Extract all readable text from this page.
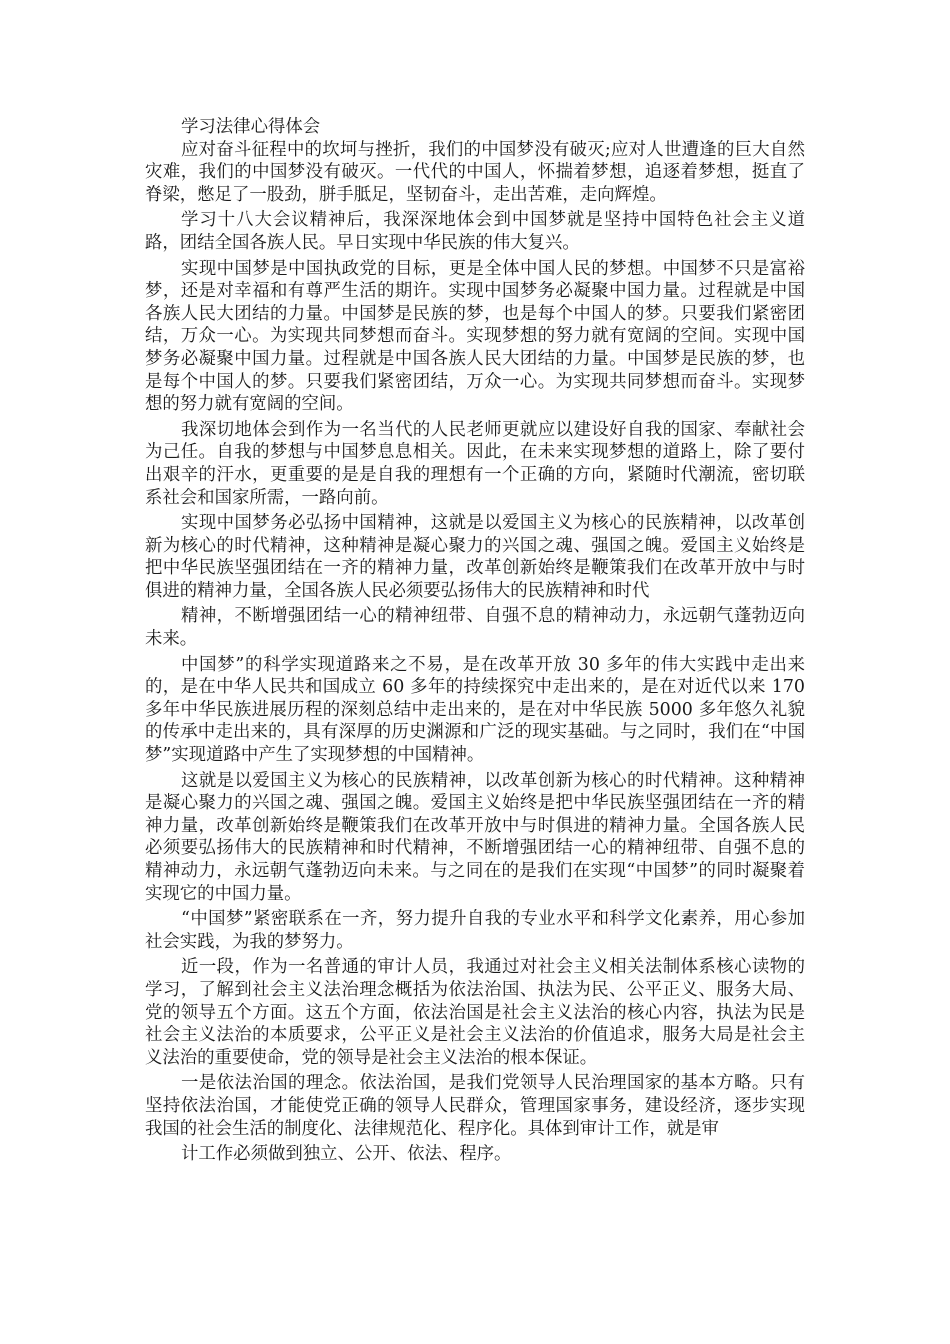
学习法律心得体会

应对奋斗征程中的坎坷与挫折，我们的中国梦没有破灭;应对人世遭逢的巨大自然灾难，我们的中国梦没有破灭。一代代的中国人，怀揣着梦想，追逐着梦想，挺直了脊梁，憋足了一股劲，胼手胝足，坚韧奋斗，走出苦难，走向辉煌。

学习十八大会议精神后，我深深地体会到中国梦就是坚持中国特色社会主义道路，团结全国各族人民。早日实现中华民族的伟大复兴。

实现中国梦是中国执政党的目标，更是全体中国人民的梦想。中国梦不只是富裕梦，还是对幸福和有尊严生活的期许。实现中国梦务必凝聚中国力量。过程就是中国各族人民大团结的力量。中国梦是民族的梦，也是每个中国人的梦。只要我们紧密团结，万众一心。为实现共同梦想而奋斗。实现梦想的努力就有宽阔的空间。实现中国梦务必凝聚中国力量。过程就是中国各族人民大团结的力量。中国梦是民族的梦，也是每个中国人的梦。只要我们紧密团结，万众一心。为实现共同梦想而奋斗。实现梦想的努力就有宽阔的空间。

我深切地体会到作为一名当代的人民老师更就应以建设好自我的国家、奉献社会为己任。自我的梦想与中国梦息息相关。因此，在未来实现梦想的道路上，除了要付出艰辛的汗水，更重要的是是自我的理想有一个正确的方向，紧随时代潮流，密切联系社会和国家所需，一路向前。

实现中国梦务必弘扬中国精神，这就是以爱国主义为核心的民族精神，以改革创新为核心的时代精神，这种精神是凝心聚力的兴国之魂、强国之魄。爱国主义始终是把中华民族坚强团结在一齐的精神力量，改革创新始终是鞭策我们在改革开放中与时俱进的精神力量，全国各族人民必须要弘扬伟大的民族精神和时代

精神，不断增强团结一心的精神纽带、自强不息的精神动力，永远朝气蓬勃迈向未来。

中国梦”的科学实现道路来之不易，是在改革开放 30 多年的伟大实践中走出来的，是在中华人民共和国成立 60 多年的持续探究中走出来的，是在对近代以来 170 多年中华民族进展历程的深刻总结中走出来的，是在对中华民族 5000 多年悠久礼貌的传承中走出来的，具有深厚的历史渊源和广泛的现实基础。与之同时，我们在“中国梦”实现道路中产生了实现梦想的中国精神。

这就是以爱国主义为核心的民族精神，以改革创新为核心的时代精神。这种精神是凝心聚力的兴国之魂、强国之魄。爱国主义始终是把中华民族坚强团结在一齐的精神力量，改革创新始终是鞭策我们在改革开放中与时俱进的精神力量。全国各族人民必须要弘扬伟大的民族精神和时代精神，不断增强团结一心的精神纽带、自强不息的精神动力，永远朝气蓬勃迈向未来。与之同在的是我们在实现“中国梦”的同时凝聚着实现它的中国力量。

“中国梦”紧密联系在一齐，努力提升自我的专业水平和科学文化素养，用心参加社会实践，为我的梦努力。

近一段，作为一名普通的审计人员，我通过对社会主义相关法制体系核心读物的学习，了解到社会主义法治理念概括为依法治国、执法为民、公平正义、服务大局、党的领导五个方面。这五个方面，依法治国是社会主义法治的核心内容，执法为民是社会主义法治的本质要求，公平正义是社会主义法治的价值追求，服务大局是社会主义法治的重要使命，党的领导是社会主义法治的根本保证。

一是依法治国的理念。依法治国，是我们党领导人民治理国家的基本方略。只有坚持依法治国，才能使党正确的领导人民群众，管理国家事务，建设经济，逐步实现我国的社会生活的制度化、法律规范化、程序化。具体到审计工作，就是审

计工作必须做到独立、公开、依法、程序。
